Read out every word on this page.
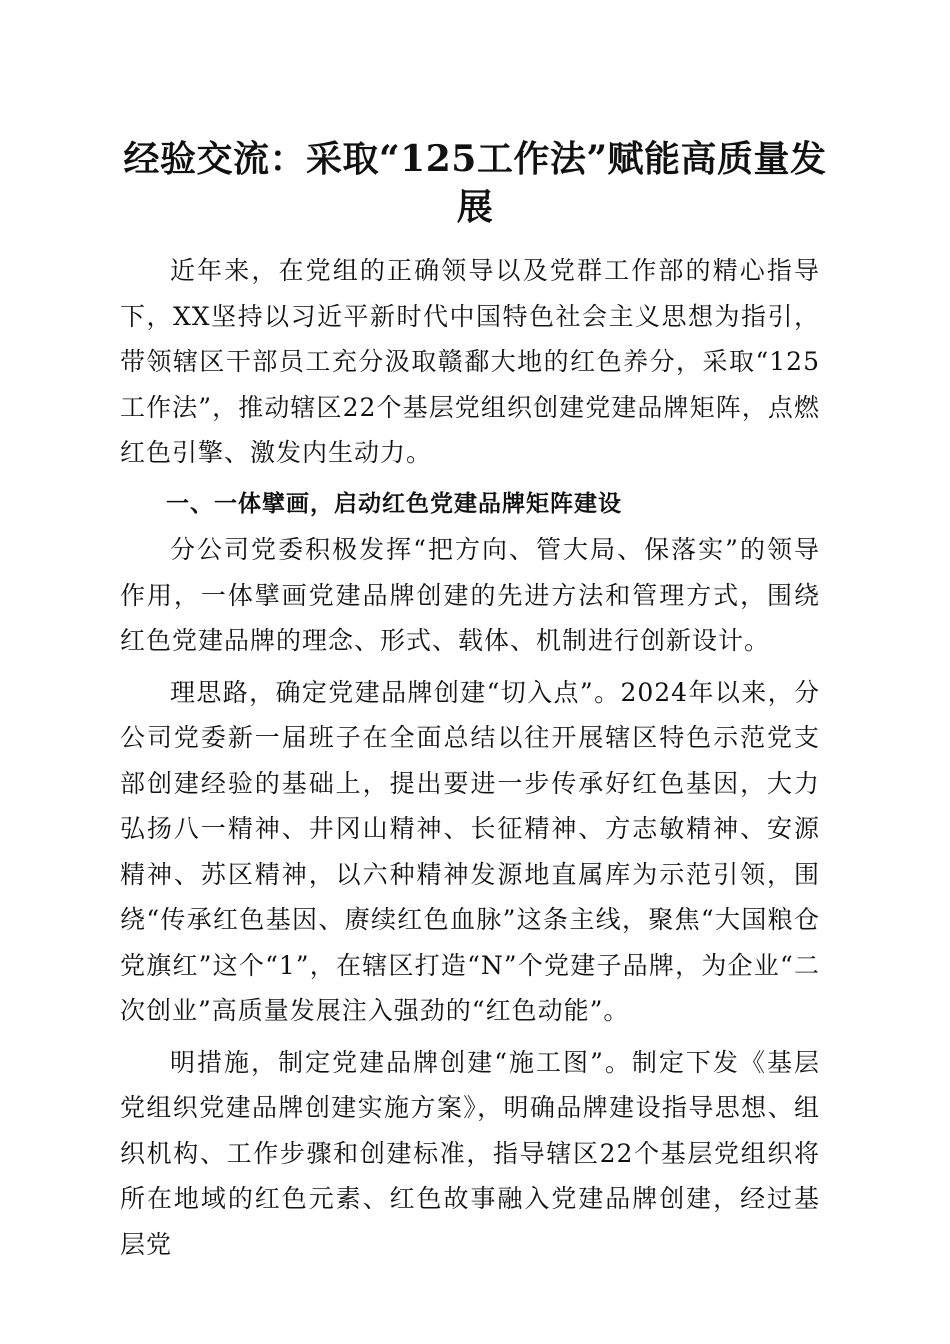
经验交流：采取“125工作法”赋能高质量发展

近年来，在党组的正确领导以及党群工作部的精心指导下，XX坚持以习近平新时代中国特色社会主义思想为指引，带领辖区干部员工充分汲取赣鄱大地的红色养分，采取“125工作法”，推动辖区22个基层党组织创建党建品牌矩阵，点燃红色引擎、激发内生动力。

一、一体擘画，启动红色党建品牌矩阵建设

分公司党委积极发挥“把方向、管大局、保落实”的领导作用，一体擘画党建品牌创建的先进方法和管理方式，围绕红色党建品牌的理念、形式、载体、机制进行创新设计。

理思路，确定党建品牌创建“切入点”。2024年以来，分公司党委新一届班子在全面总结以往开展辖区特色示范党支部创建经验的基础上，提出要进一步传承好红色基因，大力弘扬八一精神、井冈山精神、长征精神、方志敏精神、安源精神、苏区精神，以六种精神发源地直属库为示范引领，围绕“传承红色基因、赓续红色血脉”这条主线，聚焦“大国粮仓党旗红”这个“1”，在辖区打造“N”个党建子品牌，为企业“二次创业”高质量发展注入强劲的“红色动能”。

明措施，制定党建品牌创建“施工图”。制定下发《基层党组织党建品牌创建实施方案》，明确品牌建设指导思想、组织机构、工作步骤和创建标准，指导辖区22个基层党组织将所在地域的红色元素、红色故事融入党建品牌创建，经过基层党
